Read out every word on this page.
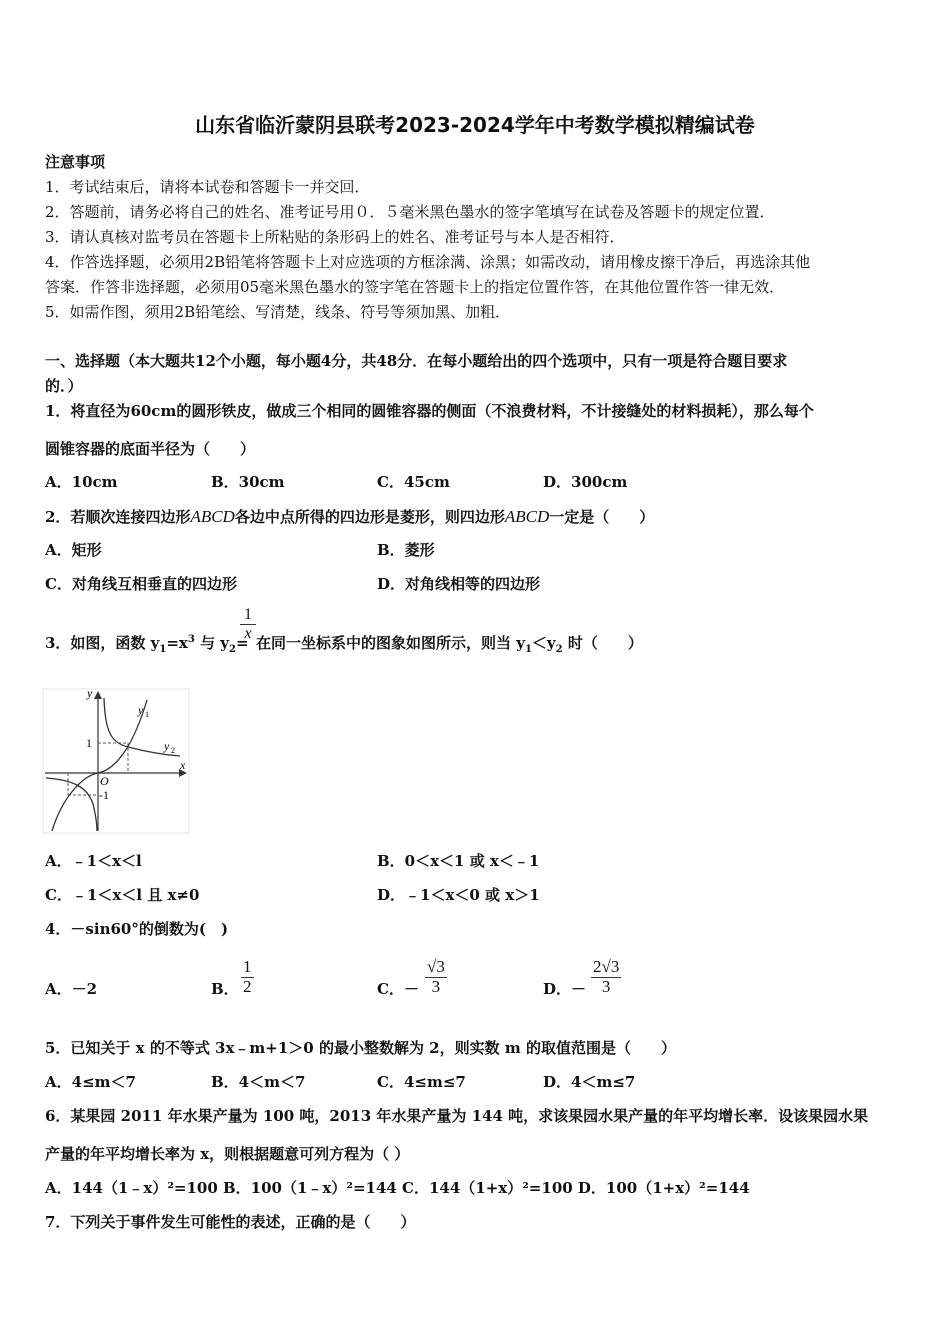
山东省临沂蒙阴县联考2023-2024学年中考数学模拟精编试卷
注意事项
1．考试结束后，请将本试卷和答题卡一并交回．
2．答题前，请务必将自己的姓名、准考证号用０．５毫米黑色墨水的签字笔填写在试卷及答题卡的规定位置．
3．请认真核对监考员在答题卡上所粘贴的条形码上的姓名、准考证号与本人是否相符．
4．作答选择题，必须用2B铅笔将答题卡上对应选项的方框涂满、涂黑；如需改动，请用橡皮擦干净后，再选涂其他
答案．作答非选择题，必须用05毫米黑色墨水的签字笔在答题卡上的指定位置作答，在其他位置作答一律无效．
5．如需作图，须用2B铅笔绘、写清楚，线条、符号等须加黑、加粗．
一、选择题（本大题共12个小题，每小题4分，共48分．在每小题给出的四个选项中，只有一项是符合题目要求
的．）
1．将直径为60cm的圆形铁皮，做成三个相同的圆锥容器的侧面（不浪费材料，不计接缝处的材料损耗），那么每个
圆锥容器的底面半径为（　　）
A．10cm	B．30cm	C．45cm	D．300cm
2．若顺次连接四边形ABCD各边中点所得的四边形是菱形，则四边形ABCD一定是（　　）
A．矩形	B．菱形
C．对角线互相垂直的四边形	D．对角线相等的四边形
3．如图，函数 $y_1=x^3$ 与 $y_2=$
1
x
在同一坐标系中的图象如图所示，则当 $y_1<y_2$ 时（　　）
y
x
O
1
-1
y 1
y 2
A．﹣1＜x＜l	B．0＜x＜1 或 x＜﹣1
C．﹣1＜x＜l 且 x≠0	D．﹣1＜x＜0 或 x＞1
4．－sin60°的倒数为(　)
A．－2	B． $\frac{1}{2}$	C．－ $\frac{√3}{3}$	D．－ $\frac{2√3}{3}$
5．已知关于 x 的不等式 3x﹣m+1＞0 的最小整数解为 2，则实数 m 的取值范围是（　　）
A．4≤m＜7	B．4＜m＜7	C．4≤m≤7	D．4＜m≤7
6．某果园 2011 年水果产量为 100 吨，2013 年水果产量为 144 吨，求该果园水果产量的年平均增长率．设该果园水果
产量的年平均增长率为 x，则根据题意可列方程为（ ）
A．144（1﹣x）²=100 B．100（1﹣x）²=144 C．144（1+x）²=100 D．100（1+x）²=144
7．下列关于事件发生可能性的表述，正确的是（　　）
